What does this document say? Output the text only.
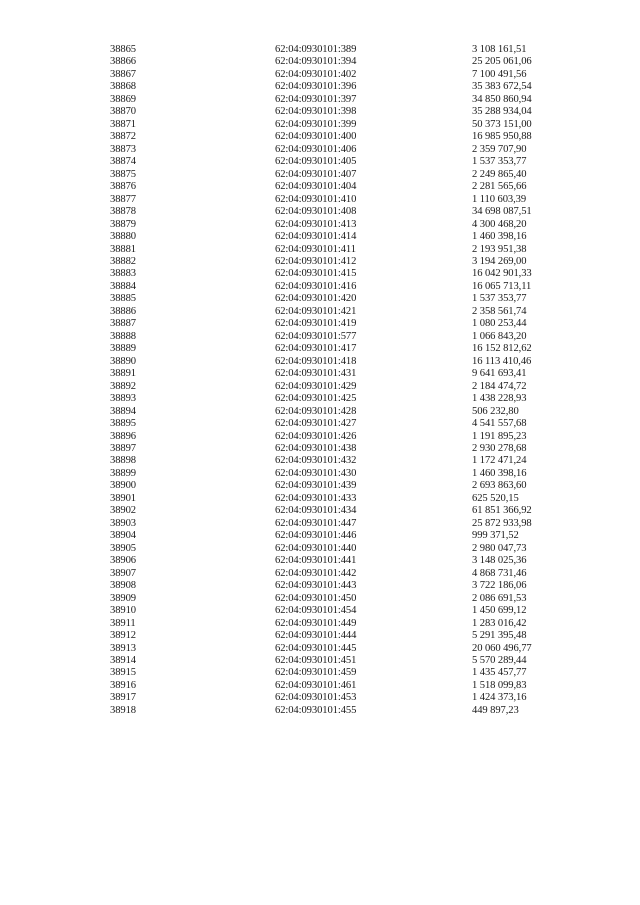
38865	62:04:0930101:389	3 108 161,51
38866	62:04:0930101:394	25 205 061,06
38867	62:04:0930101:402	7 100 491,56
38868	62:04:0930101:396	35 383 672,54
38869	62:04:0930101:397	34 850 860,94
38870	62:04:0930101:398	35 288 934,04
38871	62:04:0930101:399	50 373 151,00
38872	62:04:0930101:400	16 985 950,88
38873	62:04:0930101:406	2 359 707,90
38874	62:04:0930101:405	1 537 353,77
38875	62:04:0930101:407	2 249 865,40
38876	62:04:0930101:404	2 281 565,66
38877	62:04:0930101:410	1 110 603,39
38878	62:04:0930101:408	34 698 087,51
38879	62:04:0930101:413	4 300 468,20
38880	62:04:0930101:414	1 460 398,16
38881	62:04:0930101:411	2 193 951,38
38882	62:04:0930101:412	3 194 269,00
38883	62:04:0930101:415	16 042 901,33
38884	62:04:0930101:416	16 065 713,11
38885	62:04:0930101:420	1 537 353,77
38886	62:04:0930101:421	2 358 561,74
38887	62:04:0930101:419	1 080 253,44
38888	62:04:0930101:577	1 066 843,20
38889	62:04:0930101:417	16 152 812,62
38890	62:04:0930101:418	16 113 410,46
38891	62:04:0930101:431	9 641 693,41
38892	62:04:0930101:429	2 184 474,72
38893	62:04:0930101:425	1 438 228,93
38894	62:04:0930101:428	506 232,80
38895	62:04:0930101:427	4 541 557,68
38896	62:04:0930101:426	1 191 895,23
38897	62:04:0930101:438	2 930 278,68
38898	62:04:0930101:432	1 172 471,24
38899	62:04:0930101:430	1 460 398,16
38900	62:04:0930101:439	2 693 863,60
38901	62:04:0930101:433	625 520,15
38902	62:04:0930101:434	61 851 366,92
38903	62:04:0930101:447	25 872 933,98
38904	62:04:0930101:446	999 371,52
38905	62:04:0930101:440	2 980 047,73
38906	62:04:0930101:441	3 148 025,36
38907	62:04:0930101:442	4 868 731,46
38908	62:04:0930101:443	3 722 186,06
38909	62:04:0930101:450	2 086 691,53
38910	62:04:0930101:454	1 450 699,12
38911	62:04:0930101:449	1 283 016,42
38912	62:04:0930101:444	5 291 395,48
38913	62:04:0930101:445	20 060 496,77
38914	62:04:0930101:451	5 570 289,44
38915	62:04:0930101:459	1 435 457,77
38916	62:04:0930101:461	1 518 099,83
38917	62:04:0930101:453	1 424 373,16
38918	62:04:0930101:455	449 897,23
